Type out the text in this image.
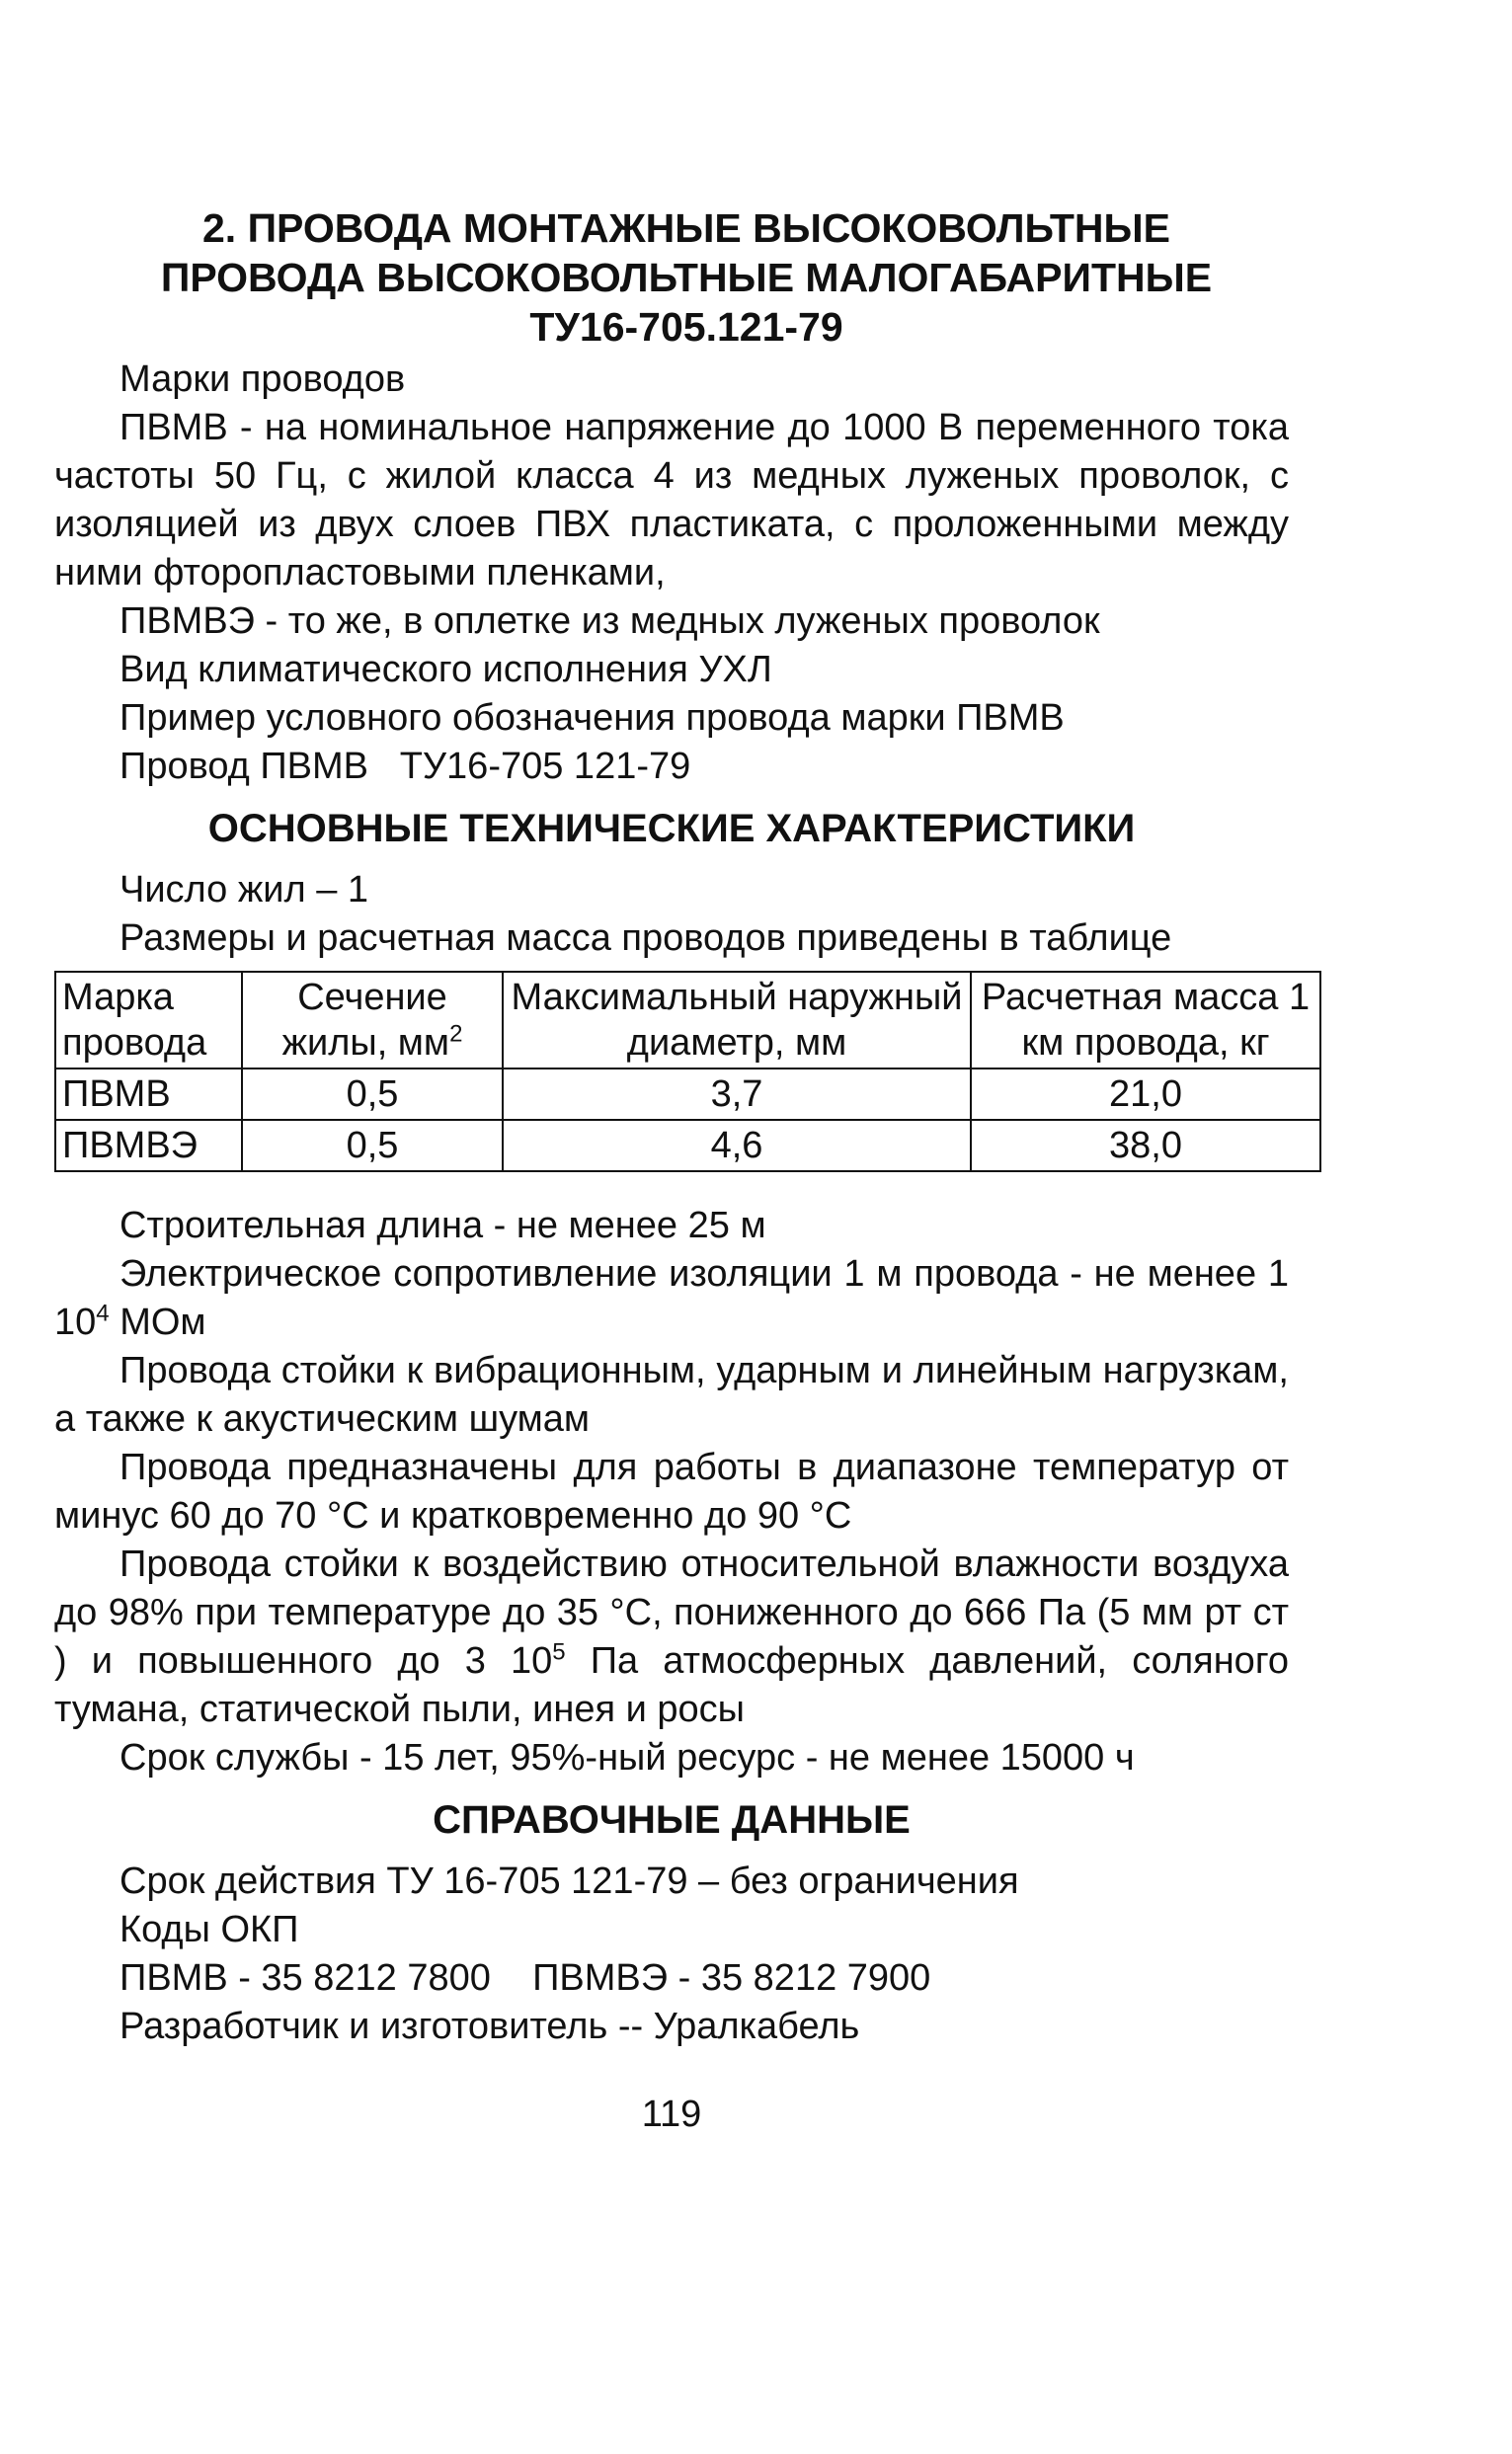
2. ПРОВОДА МОНТАЖНЫЕ ВЫСОКОВОЛЬТНЫЕ
ПРОВОДА ВЫСОКОВОЛЬТНЫЕ МАЛОГАБАРИТНЫЕ
ТУ16-705.121-79

Марки проводов

ПВМВ - на номинальное напряжение до 1000 В переменного тока частоты 50 Гц, с жилой класса 4 из медных луженых проволок, с изоляцией из двух слоев ПВХ пластиката, с проложенными между ними фторопластовыми пленками,

ПВМВЭ - то же, в оплетке из медных луженых проволок

Вид климатического исполнения УХЛ

Пример условного обозначения провода марки ПВМВ

Провод ПВМВ   ТУ16-705 121-79

ОСНОВНЫЕ ТЕХНИЧЕСКИЕ ХАРАКТЕРИСТИКИ

Число жил – 1

Размеры и расчетная масса проводов приведены в таблице

Марка провода	Сечение жилы, $мм^2$	Максимальный наружный диаметр, мм	Расчетная масса 1 км провода, кг
ПВМВ	0,5	3,7	21,0
ПВМВЭ	0,5	4,6	38,0

Строительная длина - не менее 25 м

Электрическое сопротивление изоляции 1 м провода - не менее 1 $10^4$ МОм

Провода стойки к вибрационным, ударным и линейным нагрузкам, а также к акустическим шумам

Провода предназначены для работы в диапазоне температур от минус 60 до 70 °С и кратковременно до 90 °С

Провода стойки к воздействию относительной влажности воздуха до 98% при температуре до 35 °С, пониженного до 666 Па (5 мм рт ст ) и повышенного до 3 $10^5$ Па атмосферных давлений, соляного тумана, статической пыли, инея и росы

Срок службы - 15 лет, 95%-ный ресурс - не менее 15000 ч

СПРАВОЧНЫЕ ДАННЫЕ

Срок действия ТУ 16-705 121-79 – без ограничения

Коды ОКП

ПВМВ - 35 8212 7800    ПВМВЭ - 35 8212 7900

Разработчик и изготовитель -- Уралкабель

119
